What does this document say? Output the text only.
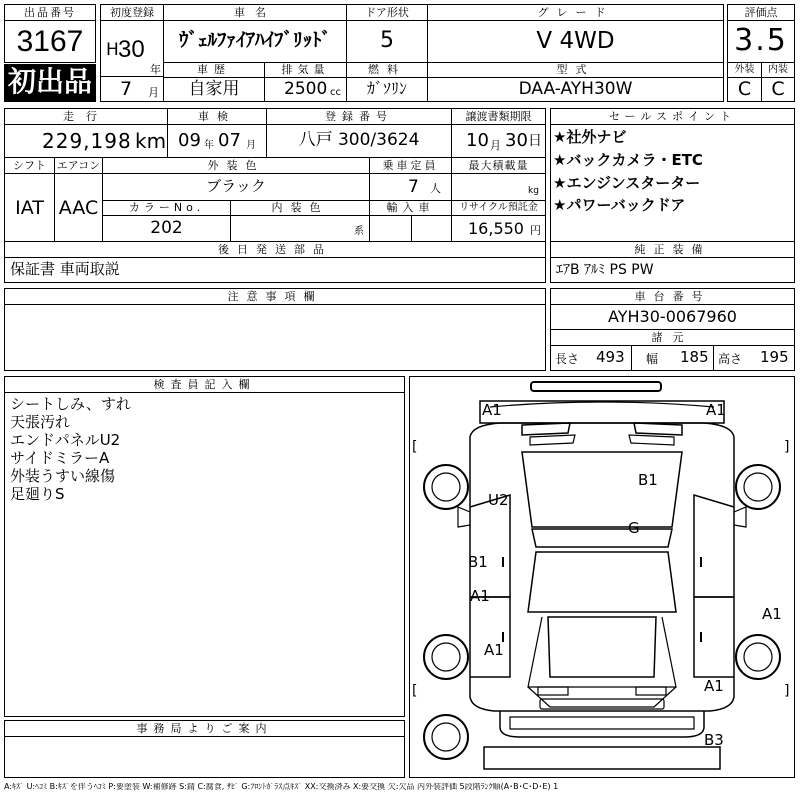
出品番号
3167
初出品
初度登録
H 30
年
7 月
車名
ｳﾞｪﾙﾌｧｲｱﾊｲﾌﾞﾘｯﾄﾞ
ドア形状
5
グレード
V 4WD
評価点
3.5
車歴
自家用
排気量
2500 cc
燃料
ｶﾞｿﾘﾝ
型式
DAA-AYH30W
外装	内装
C	C
走行
229,198 km
車検
09 年 07 月
登録番号
八戸 300/3624
譲渡書類期限
10 月 30 日
シフト
IAT
エアコン
AAC
外装色
ブラック
乗車定員
7 人
最大積載量
kg
カラーNo.
202
内装色
系
輸入車	リサイクル預託金
16,550 円
後日発送部品
保証書 車両取説
セールスポイント
★社外ナビ
★バックカメラ・ETC
★エンジンスターター
★パワーバックドア
純正装備
ｴｱB ｱﾙﾐ PS PW
注意事項欄	車台番号
AYH30-0067960
諸元
長さ 493 幅 185 高さ 195
検査員記入欄
シートしみ、すれ
天張汚れ
エンドパネルU2
サイドミラーA
外装うすい線傷
足廻りS
事務局よりご案内
[	]
[	]
A1	A1
B1
U2
G
B1
A1
A1
A1
A1
B3
A:ｷｽﾞ U:ﾍｺﾐ B:ｷｽﾞを伴うﾍｺﾐ P:要塗装 W:補修跡 S:錆 C:腐食, ｻﾋﾞ G:ﾌﾛﾝﾄｶﾞﾗｽ点ｷｽﾞ XX:交換済み X:要交換 欠:欠品 内外装評価 5段階ﾗﾝｸ順(A･B･C･D･E) 1
